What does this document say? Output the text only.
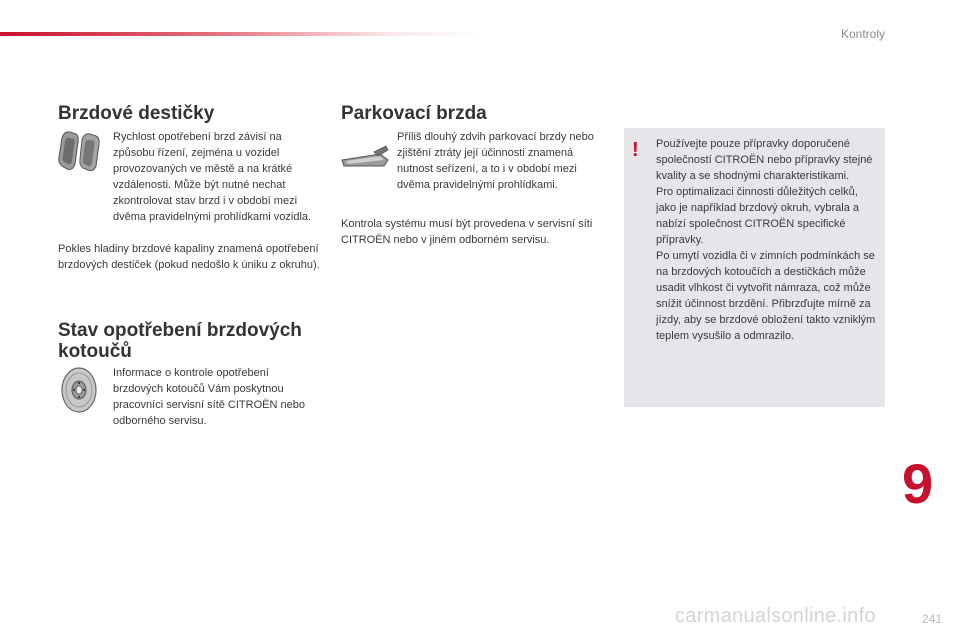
Kontroly
Brzdové destičky

Rychlost opotřebení brzd závisí na způsobu řízení, zejména u vozidel provozovaných ve městě a na krátké vzdálenosti. Může být nutné nechat zkontrolovat stav brzd i v období mezi dvěma pravidelnými prohlídkami vozidla.

Pokles hladiny brzdové kapaliny znamená opotřebení brzdových destiček (pokud nedošlo k úniku z okruhu).

Stav opotřebení brzdových kotoučů

Informace o kontrole opotřebení brzdových kotoučů Vám poskytnou pracovníci servisní sítě CITROËN nebo odborného servisu.

Parkovací brzda

Příliš dlouhý zdvih parkovací brzdy nebo zjištění ztráty její účinnosti znamená nutnost seřízení, a to i v období mezi dvěma pravidelnými prohlídkami.

Kontrola systému musí být provedena v servisní síti CITROËN nebo v jiném odborném servisu.

! Používejte pouze přípravky doporučené společností CITROËN nebo přípravky stejné kvality a se shodnými charakteristikami.

Pro optimalizaci činnosti důležitých celků, jako je například brzdový okruh, vybrala a nabízí společnost CITROËN specifické přípravky.

Po umytí vozidla či v zimních podmínkách se na brzdových kotoučích a destičkách může usadit vlhkost či vytvořit námraza, což může snížit účinnost brzdění. Přibrzďujte mírně za jízdy, aby se brzdové obložení takto vzniklým teplem vysušilo a odmrazilo.

9
carmanualsonline.info	241
